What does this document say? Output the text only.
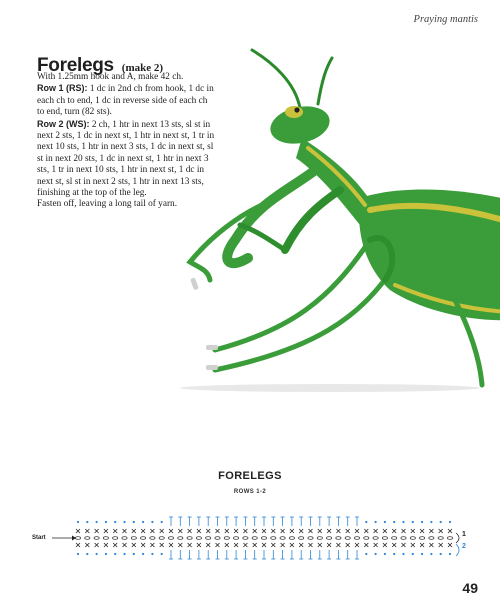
Praying mantis
Forelegs (make 2)

With 1.25mm hook and A, make 42 ch.

Row 1 (RS): 1 dc in 2nd ch from hook, 1 dc in each ch to end, 1 dc in reverse side of each ch to end, turn (82 sts).

Row 2 (WS): 2 ch, 1 htr in next 13 sts, sl st in next 2 sts, 1 dc in next st, 1 htr in next st, 1 tr in next 10 sts, 1 htr in next 3 sts, 1 dc in next st, sl st in next 20 sts, 1 dc in next st, 1 htr in next 3 sts, 1 tr in next 10 sts, 1 htr in next st, 1 dc in next st, sl st in next 2 sts, 1 htr in next 13 sts, finishing at the top of the leg.

Fasten off, leaving a long tail of yarn.

FORELEGS
ROWS 1-2
Start	1
2
49
